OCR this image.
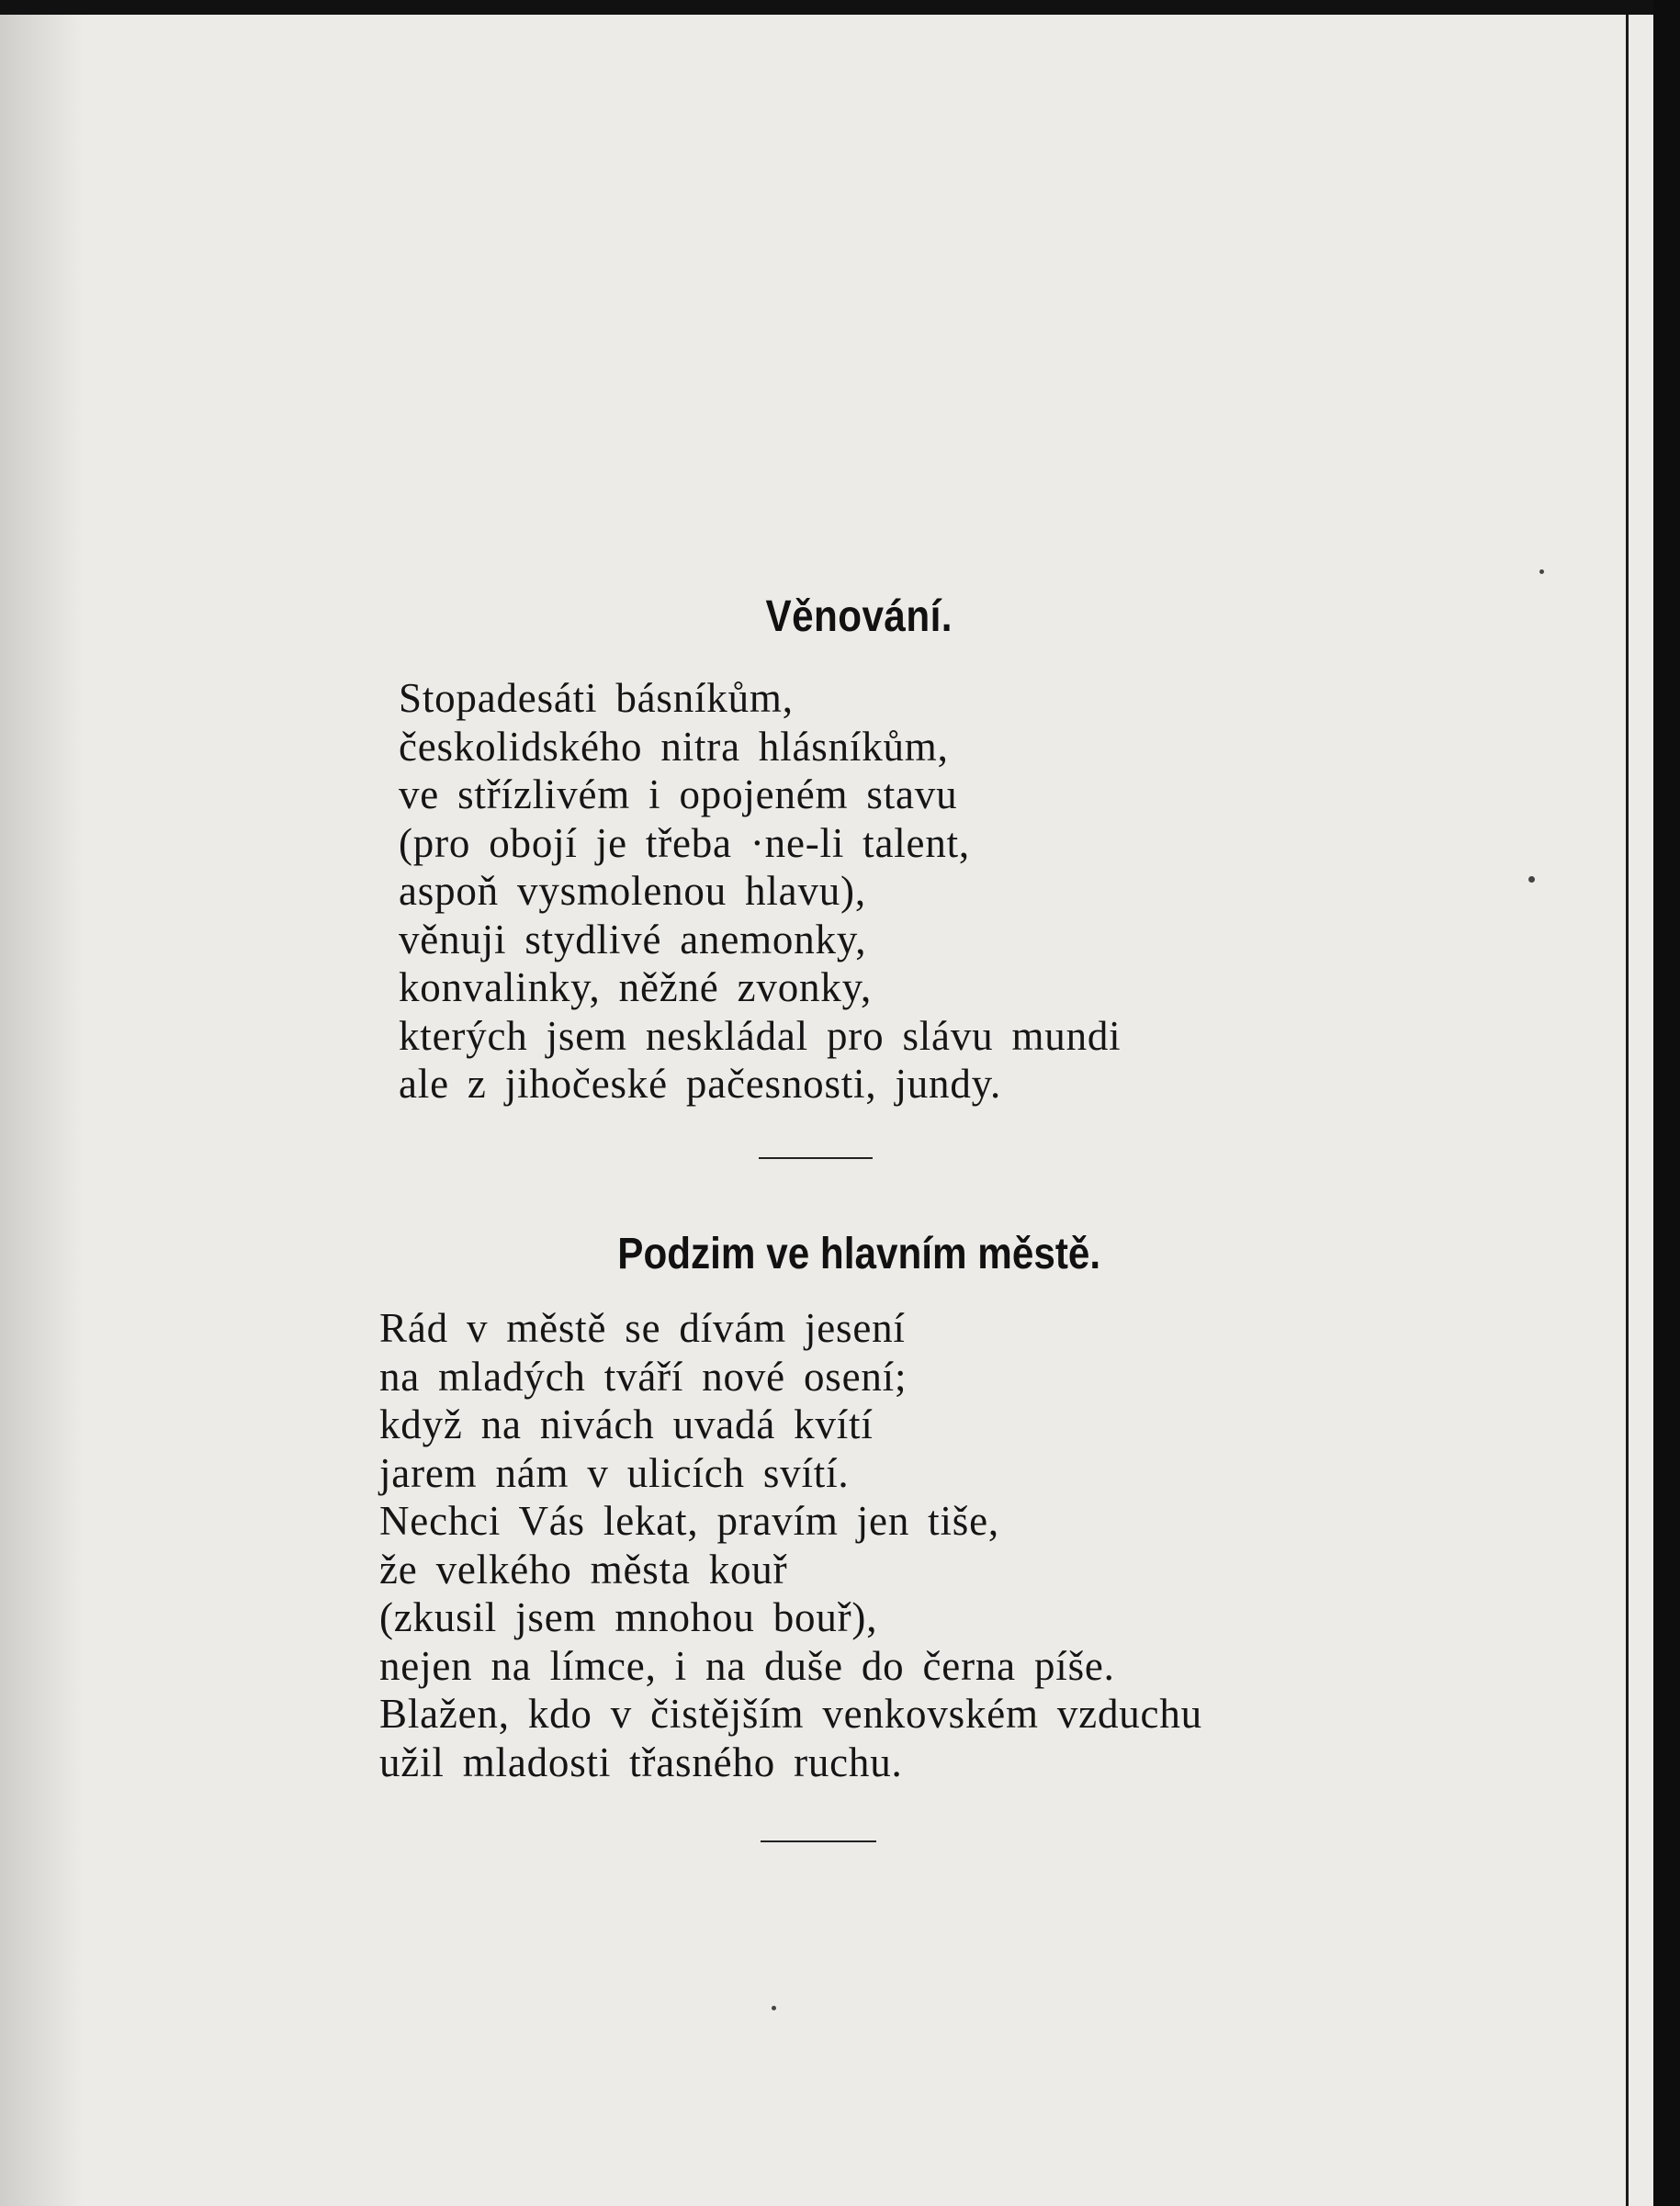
Věnování.
Stopadesáti básníkům,
českolidského nitra hlásníkům,
ve střízlivém i opojeném stavu
(pro obojí je třeba ·ne-li talent,
aspoň vysmolenou hlavu),
věnuji stydlivé anemonky,
konvalinky, něžné zvonky,
kterých jsem neskládal pro slávu mundi
ale z jihočeské pačesnosti, jundy.
Podzim ve hlavním městě.
Rád v městě se dívám jesení
na mladých tváří nové osení;
když na nivách uvadá kvítí
jarem nám v ulicích svítí.
Nechci Vás lekat, pravím jen tiše,
že velkého města kouř
(zkusil jsem mnohou bouř),
nejen na límce, i na duše do černa píše.
Blažen, kdo v čistějším venkovském vzduchu
užil mladosti třasného ruchu.
